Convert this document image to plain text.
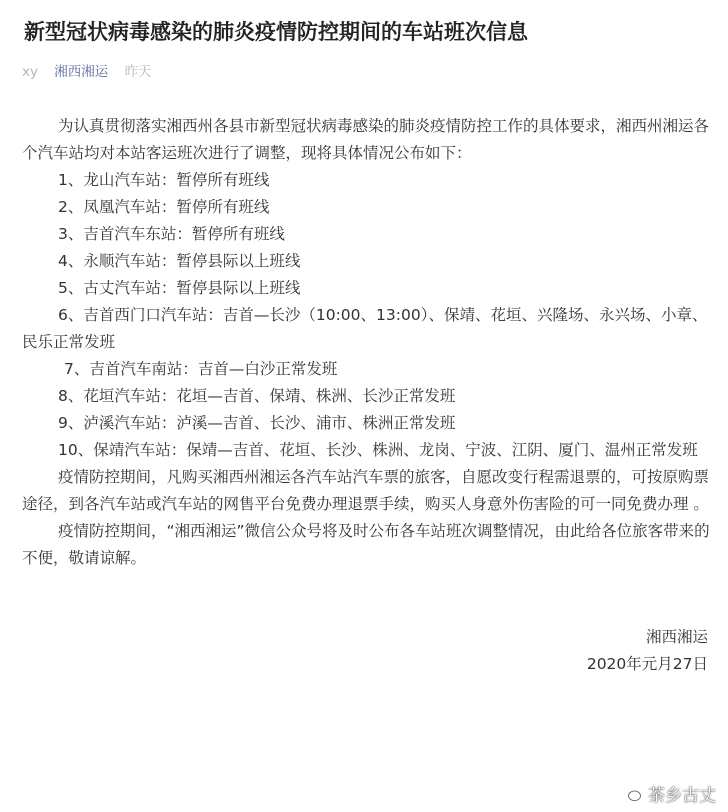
新型冠状病毒感染的肺炎疫情防控期间的车站班次信息
xy 湘西湘运 昨天

为认真贯彻落实湘西州各县市新型冠状病毒感染的肺炎疫情防控工作的具体要求，湘西州湘运各个汽车站均对本站客运班次进行了调整，现将具体情况公布如下：

1、龙山汽车站：暂停所有班线

2、凤凰汽车站：暂停所有班线

3、吉首汽车东站：暂停所有班线

4、永顺汽车站：暂停县际以上班线

5、古丈汽车站：暂停县际以上班线

6、吉首西门口汽车站：吉首—长沙（10:00、13:00）、保靖、花垣、兴隆场、永兴场、小章、民乐正常发班

7、吉首汽车南站：吉首—白沙正常发班

8、花垣汽车站：花垣—吉首、保靖、株洲、长沙正常发班

9、泸溪汽车站：泸溪—吉首、长沙、浦市、株洲正常发班

10、保靖汽车站：保靖—吉首、花垣、长沙、株洲、龙岗、宁波、江阴、厦门、温州正常发班

疫情防控期间，凡购买湘西州湘运各汽车站汽车票的旅客，自愿改变行程需退票的，可按原购票途径，到各汽车站或汽车站的网售平台免费办理退票手续，购买人身意外伤害险的可一同免费办理 。

疫情防控期间，“湘西湘运”微信公众号将及时公布各车站班次调整情况，由此给各位旅客带来的不便，敬请谅解。

湘西湘运

2020年元月27日

茶乡古丈
